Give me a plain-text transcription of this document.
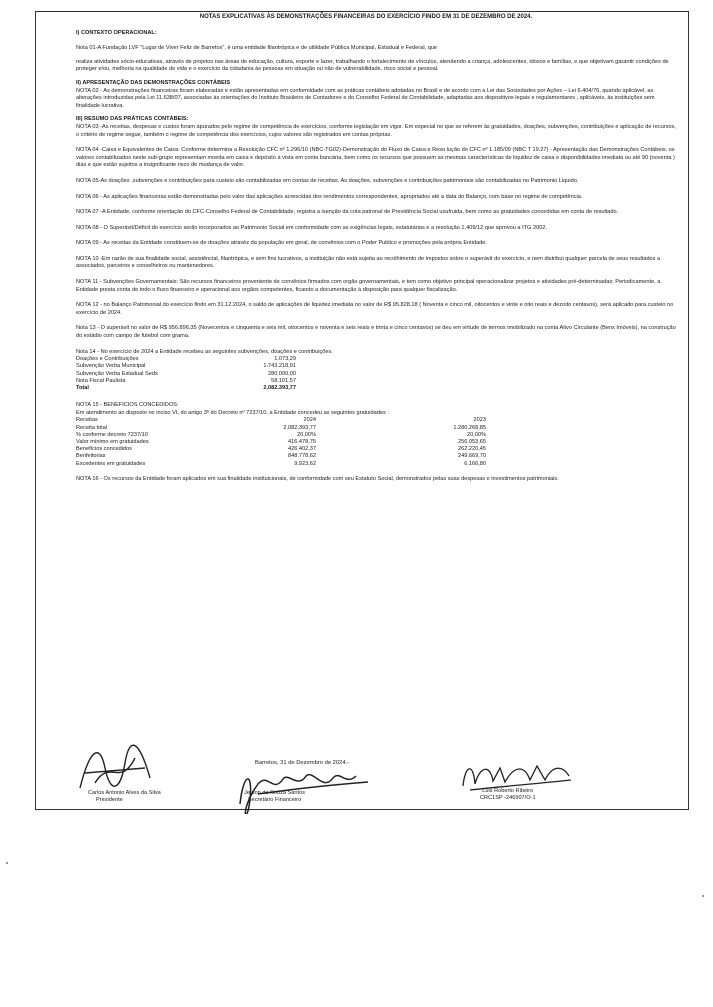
NOTAS EXPLICATIVAS ÀS DEMONSTRAÇÕES FINANCEIRAS DO EXERCÍCIO FINDO EM 31 DE DEZEMBRO DE 2024.

I) CONTEXTO OPERACIONAL:

Nota 01-A Fundação LVF "Lugar de Viver Feliz de Barretos", é uma entidade filantrópica e de utilidade Pública Municipal, Estadual e Federal, que

realiza atividades sócio-educativas, através de projetos nas áreas de educação, cultura, esporte e lazer, trabalhando o fortalecimento de vínculos, atendendo a criança, adolescentes, idosos e famílias, e que objetivam garantir condições de proteger e/ou, melhoria na qualidade de vida e o exercício da cidadania às pessoas em situação ou não de vulnerabilidade, risco social e pessoal.

II) APRESENTAÇÃO DAS DEMONSTRAÇÕES CONTÁBEIS

NOTA 02 - As demonstrações financeiras foram elaboradas e estão apresentadas em conformidade com as práticas contábeis adotadas no Brasil e de acordo com a Lei das Sociedades por Ações – Lei 6.404/76, quando aplicável, as alterações introduzidas pela Lei 11.638/07, associadas às orientações do Instituto Brasileiro de Contadores e do Conselho Federal de Contabilidade, adaptadas aos dispositivos legais e regulamentares , aplicáveis, às instituições sem finalidade lucrativa.

III) RESUMO DAS PRÁTICAS CONTÁBEIS:

NOTA 03 -As receitas, despesas e custos foram apurados pelo regime de competência de exercícios, conforme legislação em vigor. Em especial no que se referem às gratuidades, doações, subvenções, contribuições e aplicação de recursos, o critério de regime segue, também o regime de competência dos exercícios, cujos valores são registrados em contas próprias.

NOTA 04 -Caixa e Equivalentes de Caixa: Conforme determina a Resolução CFC nº 1.296/10 (NBC-TG02)-Demonstração do Fluxo de Caixa e Reso lução do CFC nº 1.185/09 (NBC T 19.27) - Apresentação das Demonstrações Contábeis, os valores contabilizados neste sub-grupo representam moeda em caixa e depósito à vista em conta bancária, bem como os recursos que possuem as mesmas características de liquidez de caixa e disponibilidades imediata ou até 90 (noventa ) dias e que estão sujeitos a insignificante risco de mudança de valor.

NOTA 05-As doações ,subvenções e contribuições para custeio são contabilizadas em contas de receitas. As doações, subvenções e contribuições patrimoniais são contabilizadas no Patrimonio Liquido.

NOTA 06 - As aplicações financeiras estão demonstradas pelo valor das aplicações acrescidas dos rendimentos correspondentes, apropriados até a data do Balanço, com base no regime de competência.

NOTA 07 -A Entidade, conforme orientação do CFC-Conselho Federal de Contabilidade, registra a isenção da cota patronal de Previdência Social usufruida, bem como as gratuidades concedidas em conta de resultado.

NOTA 08 - O Superávit/Déficit do exercício serão incorporados ao Patrimonio Social em conformidade com as exigências legais, estatutárias e a resolução 1.409/12 que aprovou a ITG 2002.

NOTA 09 - As receitas da Entidade constituem-se de doações atravéz da população em geral, de convênios com o Poder Publico e promoções pela própria Entidade.

NOTA 10 -Em razão de sua finalidade social, assistêncial, filantrópica, e sem fins lucrativos, a instituição não está sujeita ao recolhimento de impostos sobre o superávit do exercício, e nem distribui qualquer parcela de seus resultados a associados, parceiros e conselheiros ou mantenedores.

NOTA 11 - Subvenções Governamentais: São recursos financeiros proveniente de convênios firmados com orgão governamentais, e tem como objetivo principal operacionalizar projetos e atividades pré-determinadas; Periodicamente, a Entidade presta conta de todo o fluxo financeiro e operacional aos orgãos competentes, ficando a documentação à disposição para qualquer fiscalização.

NOTA 12 - no Balanço Patrimonial do exercício findo em 31.12.2024, o saldo de aplicações de liquidez imediata no valor de R$ 95.828,18 ( Noventa e cinco mil, oitocentos e vinte e oito reais e dezoito centavos), será aplicado para custeio no exercício de 2024.

Nota 13 - O superávit no valor de R$ 956.896,35 (Novecentos e cinquenta e seis mil, oitocentos e noventa e seis reais e trinta e cinco centavos) se deu em virtude de termos imobilizado na conta Ativo Circulante (Bens Imóveis), na construção do estádio com campo de futebol com grama.

Nota 14 - No exercício de 2024 a Entidade recebeu as seguintes subvenções, doações e contribuições.

Doações e Contribuições	1.073,29
Subvenção Verba Municipal	1.743.218,91
Subvenção Verba Estadual Seds	280.000,00
Nota Fiscal Paulista	58.101,57
Total	2.082.393,77

NOTA 15 - BENEFICIOS CONCEDIDOS:

Em atendimento ao disposto no inciso VI, do artigo 3º do Decreto nº 7237/10, a Entidade concedeu as seguintes gratuidades :

Receitas	2024	2023
Receita total	2.082.393,77	1.280.268,85
% conforme decreto 7237/10	20,00%	20,00%
Valor mínimo em gratuidades	416.478,75	256.053,65
Benefícios concedidos	426.402,37	262.220,45
Benfeitorias	848.778,62	249.669,70
Excedentes em gratuidades	9.923,62	6.166,80

NOTA 16 - Os recursos da Entidade foram aplicados em sua finalidade instituicionais, de conformidade com seu Estatuto Social, demonstrados pelas suas despesas e investimentos patrimoniais.

Barretos, 31 de Dezembro de 2024.-
Carlos Antonio Alves da Silva
Presidente
Jerson de Souza Santos
Secretário Financeiro
Luis Roberto Ribeiro
CRC1SP -246907/O-1
